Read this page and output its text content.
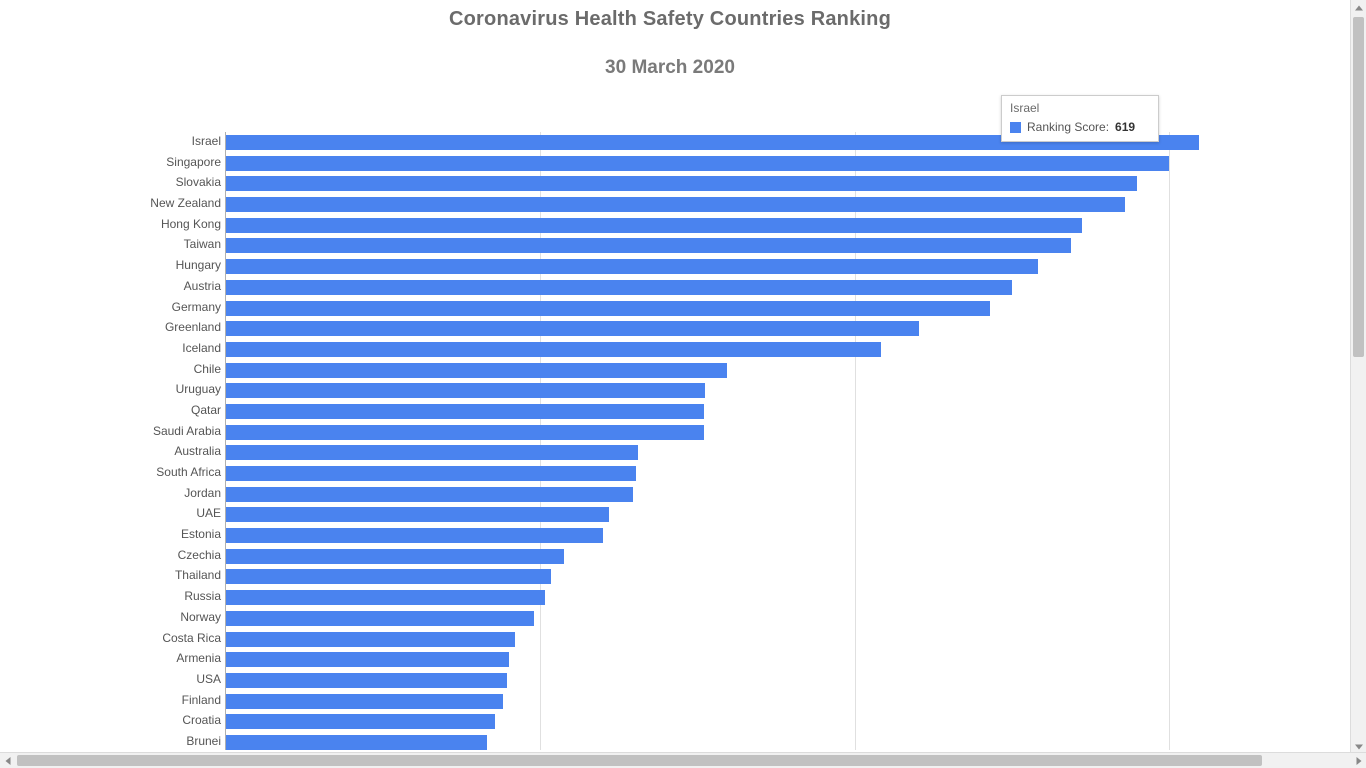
Coronavirus Health Safety Countries Ranking
30 March 2020
Israel
Singapore
Slovakia
New Zealand
Hong Kong
Taiwan
Hungary
Austria
Germany
Greenland
Iceland
Chile
Uruguay
Qatar
Saudi Arabia
Australia
South Africa
Jordan
UAE
Estonia
Czechia
Thailand
Russia
Norway
Costa Rica
Armenia
USA
Finland
Croatia
Brunei
Israel
Ranking Score: 619
